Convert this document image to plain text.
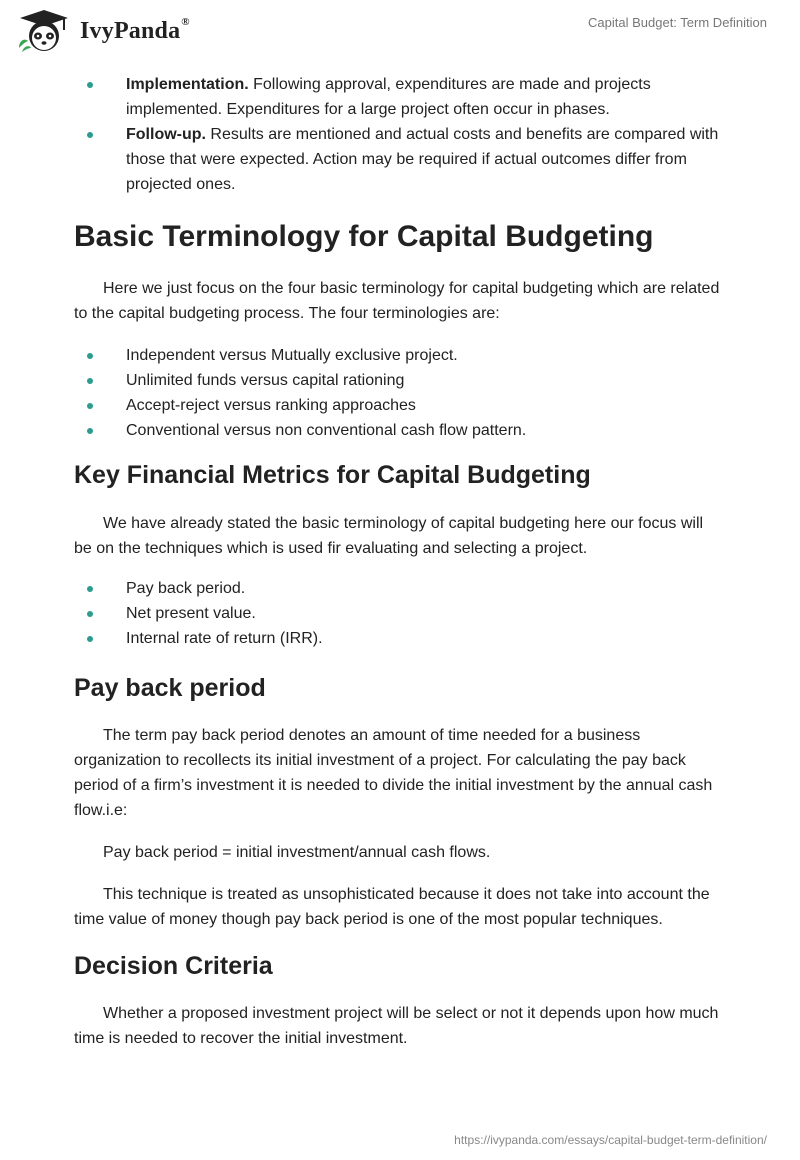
IvyPanda®	Capital Budget: Term Definition
Implementation. Following approval, expenditures are made and projects implemented. Expenditures for a large project often occur in phases.
Follow-up. Results are mentioned and actual costs and benefits are compared with those that were expected. Action may be required if actual outcomes differ from projected ones.
Basic Terminology for Capital Budgeting

Here we just focus on the four basic terminology for capital budgeting which are related to the capital budgeting process. The four terminologies are:

Independent versus Mutually exclusive project.
Unlimited funds versus capital rationing
Accept-reject versus ranking approaches
Conventional versus non conventional cash flow pattern.
Key Financial Metrics for Capital Budgeting

We have already stated the basic terminology of capital budgeting here our focus will be on the techniques which is used fir evaluating and selecting a project.

Pay back period.
Net present value.
Internal rate of return (IRR).
Pay back period

The term pay back period denotes an amount of time needed for a business organization to recollects its initial investment of a project. For calculating the pay back period of a firm’s investment it is needed to divide the initial investment by the annual cash flow.i.e:

Pay back period = initial investment/annual cash flows.

This technique is treated as unsophisticated because it does not take into account the time value of money though pay back period is one of the most popular techniques.

Decision Criteria

Whether a proposed investment project will be select or not it depends upon how much time is needed to recover the initial investment.

https://ivypanda.com/essays/capital-budget-term-definition/
